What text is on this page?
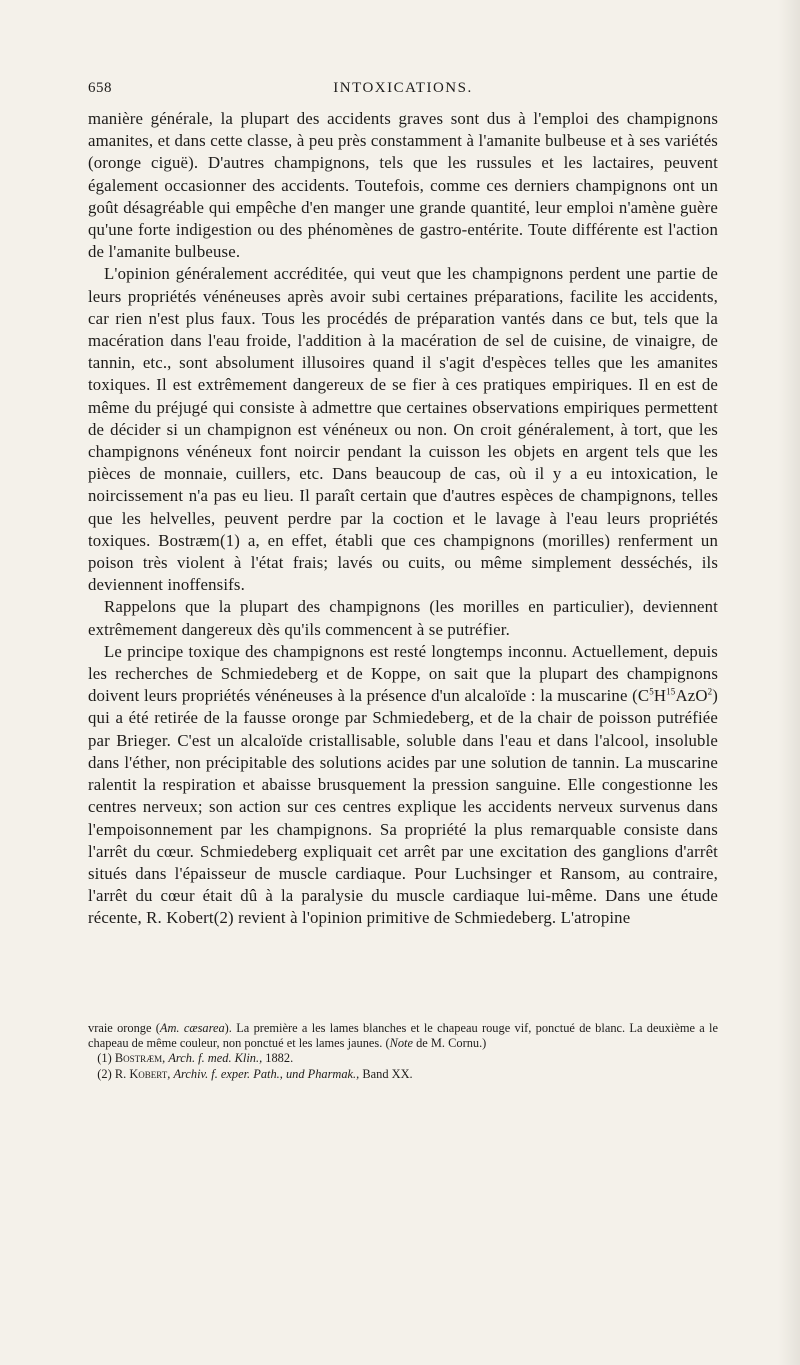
658	INTOXICATIONS.

manière générale, la plupart des accidents graves sont dus à l'emploi des champignons amanites, et dans cette classe, à peu près constamment à l'amanite bulbeuse et à ses variétés (oronge ciguë). D'autres champignons, tels que les russules et les lactaires, peuvent également occasionner des accidents. Toutefois, comme ces derniers champignons ont un goût désagréable qui empêche d'en manger une grande quantité, leur emploi n'amène guère qu'une forte indigestion ou des phénomènes de gastro-entérite. Toute différente est l'action de l'amanite bulbeuse.

L'opinion généralement accréditée, qui veut que les champignons perdent une partie de leurs propriétés vénéneuses après avoir subi certaines préparations, facilite les accidents, car rien n'est plus faux. Tous les procédés de préparation vantés dans ce but, tels que la macération dans l'eau froide, l'addition à la macération de sel de cuisine, de vinaigre, de tannin, etc., sont absolument illusoires quand il s'agit d'espèces telles que les amanites toxiques. Il est extrêmement dangereux de se fier à ces pratiques empiriques. Il en est de même du préjugé qui consiste à admettre que certaines observations empiriques permettent de décider si un champignon est vénéneux ou non. On croit généralement, à tort, que les champignons vénéneux font noircir pendant la cuisson les objets en argent tels que les pièces de monnaie, cuillers, etc. Dans beaucoup de cas, où il y a eu intoxication, le noircissement n'a pas eu lieu. Il paraît certain que d'autres espèces de champignons, telles que les helvelles, peuvent perdre par la coction et le lavage à l'eau leurs propriétés toxiques. Bostræm(1) a, en effet, établi que ces champignons (morilles) renferment un poison très violent à l'état frais; lavés ou cuits, ou même simplement desséchés, ils deviennent inoffensifs.

Rappelons que la plupart des champignons (les morilles en particulier), deviennent extrêmement dangereux dès qu'ils commencent à se putréfier.

Le principe toxique des champignons est resté longtemps inconnu. Actuellement, depuis les recherches de Schmiedeberg et de Koppe, on sait que la plupart des champignons doivent leurs propriétés vénéneuses à la présence d'un alcaloïde : la muscarine $(C^5H^{15}AzO^2)$ qui a été retirée de la fausse oronge par Schmiedeberg, et de la chair de poisson putréfiée par Brieger. C'est un alcaloïde cristallisable, soluble dans l'eau et dans l'alcool, insoluble dans l'éther, non précipitable des solutions acides par une solution de tannin. La muscarine ralentit la respiration et abaisse brusquement la pression sanguine. Elle congestionne les centres nerveux; son action sur ces centres explique les accidents nerveux survenus dans l'empoisonnement par les champignons. Sa propriété la plus remarquable consiste dans l'arrêt du cœur. Schmiedeberg expliquait cet arrêt par une excitation des ganglions d'arrêt situés dans l'épaisseur de muscle cardiaque. Pour Luchsinger et Ransom, au contraire, l'arrêt du cœur était dû à la paralysie du muscle cardiaque lui-même. Dans une étude récente, R. Kobert(2) revient à l'opinion primitive de Schmiedeberg. L'atropine

vraie oronge (Am. cæsarea). La première a les lames blanches et le chapeau rouge vif, ponctué de blanc. La deuxième a le chapeau de même couleur, non ponctué et les lames jaunes. (Note de M. Cornu.)

(1) Bostræm, Arch. f. med. Klin., 1882.

(2) R. Kobert, Archiv. f. exper. Path., und Pharmak., Band XX.
